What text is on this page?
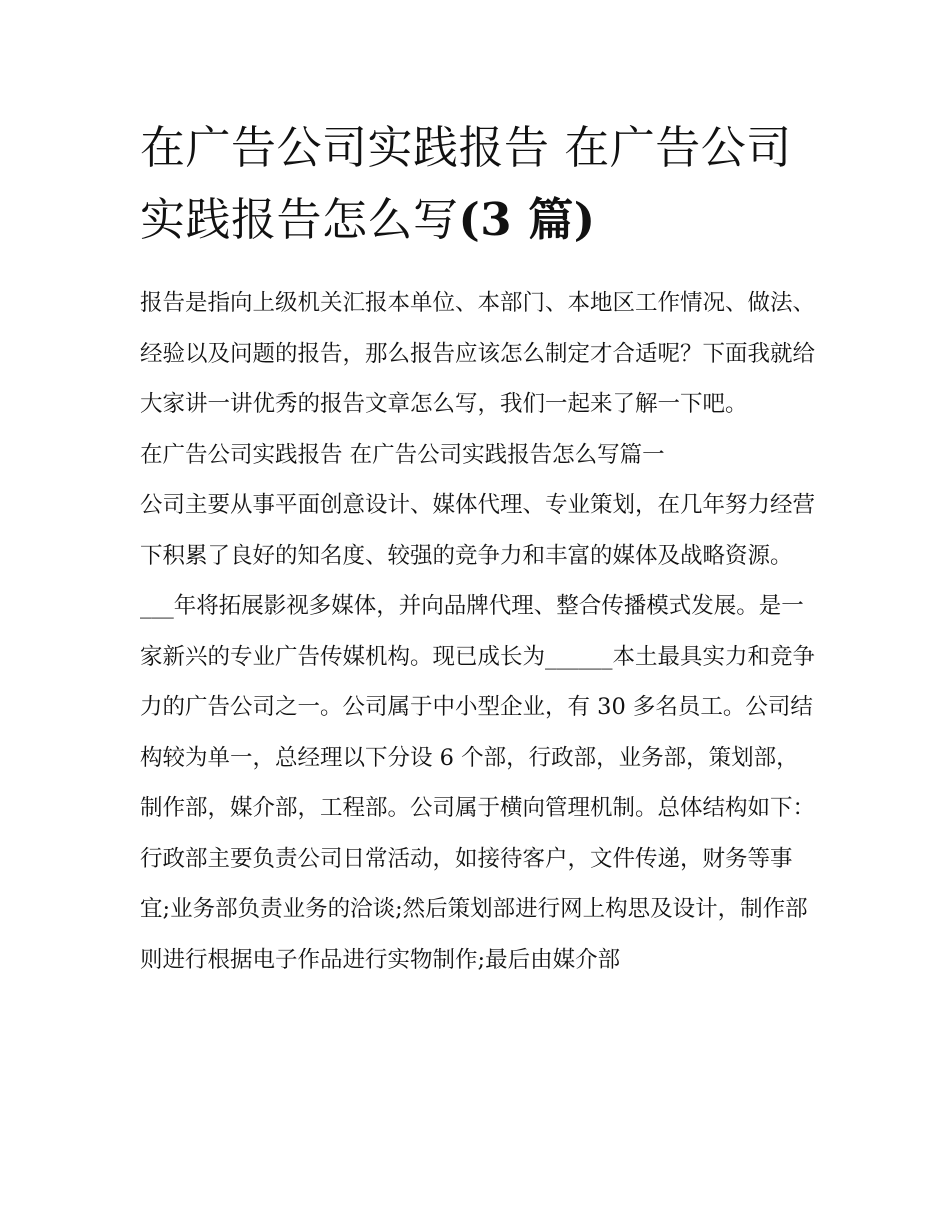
在广告公司实践报告 在广告公司实践报告怎么写(3 篇)

报告是指向上级机关汇报本单位、本部门、本地区工作情况、做法、经验以及问题的报告，那么报告应该怎么制定才合适呢？下面我就给大家讲一讲优秀的报告文章怎么写，我们一起来了解一下吧。

在广告公司实践报告 在广告公司实践报告怎么写篇一

公司主要从事平面创意设计、媒体代理、专业策划，在几年努力经营下积累了良好的知名度、较强的竞争力和丰富的媒体及战略资源。___年将拓展影视多媒体，并向品牌代理、整合传播模式发展。是一家新兴的专业广告传媒机构。现已成长为______本土最具实力和竞争力的广告公司之一。公司属于中小型企业，有 30 多名员工。公司结构较为单一，总经理以下分设 6 个部，行政部，业务部，策划部，制作部，媒介部，工程部。公司属于横向管理机制。总体结构如下：

行政部主要负责公司日常活动，如接待客户，文件传递，财务等事宜;业务部负责业务的洽谈;然后策划部进行网上构思及设计，制作部则进行根据电子作品进行实物制作;最后由媒介部
